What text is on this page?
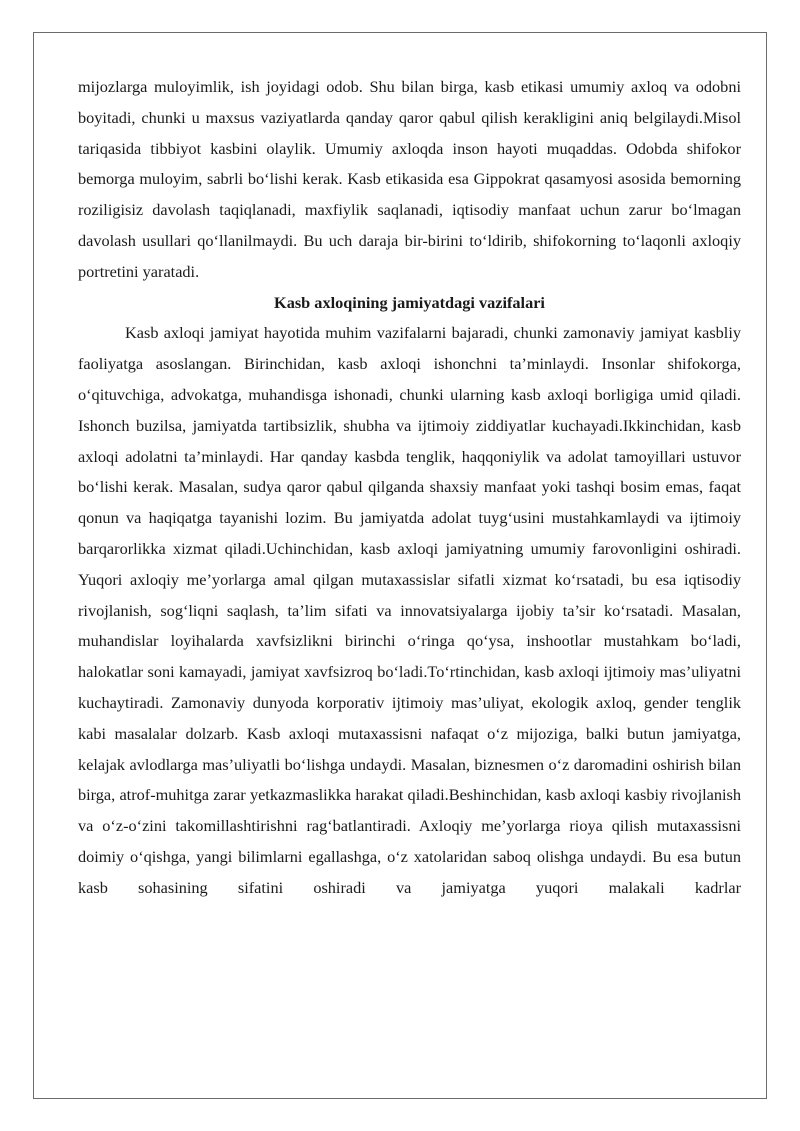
mijozlarga muloyimlik, ish joyidagi odob. Shu bilan birga, kasb etikasi umumiy axloq va odobni boyitadi, chunki u maxsus vaziyatlarda qanday qaror qabul qilish kerakligini aniq belgilaydi.Misol tariqasida tibbiyot kasbini olaylik. Umumiy axloqda inson hayoti muqaddas. Odobda shifokor bemorga muloyim, sabrli bo‘lishi kerak. Kasb etikasida esa Gippokrat qasamyosi asosida bemorning roziligisiz davolash taqiqlanadi, maxfiylik saqlanadi, iqtisodiy manfaat uchun zarur bo‘lmagan davolash usullari qo‘llanilmaydi. Bu uch daraja bir-birini to‘ldirib, shifokorning to‘laqonli axloqiy portretini yaratadi.

Kasb axloqining jamiyatdagi vazifalari

Kasb axloqi jamiyat hayotida muhim vazifalarni bajaradi, chunki zamonaviy jamiyat kasbliy faoliyatga asoslangan. Birinchidan, kasb axloqi ishonchni ta’minlaydi. Insonlar shifokorga, o‘qituvchiga, advokatga, muhandisga ishonadi, chunki ularning kasb axloqi borligiga umid qiladi. Ishonch buzilsa, jamiyatda tartibsizlik, shubha va ijtimoiy ziddiyatlar kuchayadi.Ikkinchidan, kasb axloqi adolatni ta’minlaydi. Har qanday kasbda tenglik, haqqoniylik va adolat tamoyillari ustuvor bo‘lishi kerak. Masalan, sudya qaror qabul qilganda shaxsiy manfaat yoki tashqi bosim emas, faqat qonun va haqiqatga tayanishi lozim. Bu jamiyatda adolat tuyg‘usini mustahkamlaydi va ijtimoiy barqarorlikka xizmat qiladi.Uchinchidan, kasb axloqi jamiyatning umumiy farovonligini oshiradi. Yuqori axloqiy me’yorlarga amal qilgan mutaxassislar sifatli xizmat ko‘rsatadi, bu esa iqtisodiy rivojlanish, sog‘liqni saqlash, ta’lim sifati va innovatsiyalarga ijobiy ta’sir ko‘rsatadi. Masalan, muhandislar loyihalarda xavfsizlikni birinchi o‘ringa qo‘ysa, inshootlar mustahkam bo‘ladi, halokatlar soni kamayadi, jamiyat xavfsizroq bo‘ladi.To‘rtinchidan, kasb axloqi ijtimoiy mas’uliyatni kuchaytiradi. Zamonaviy dunyoda korporativ ijtimoiy mas’uliyat, ekologik axloq, gender tenglik kabi masalalar dolzarb. Kasb axloqi mutaxassisni nafaqat o‘z mijoziga, balki butun jamiyatga, kelajak avlodlarga mas’uliyatli bo‘lishga undaydi. Masalan, biznesmen o‘z daromadini oshirish bilan birga, atrof-muhitga zarar yetkazmaslikka harakat qiladi.Beshinchidan, kasb axloqi kasbiy rivojlanish va o‘z-o‘zini takomillashtirishni rag‘batlantiradi. Axloqiy me’yorlarga rioya qilish mutaxassisni doimiy o‘qishga, yangi bilimlarni egallashga, o‘z xatolaridan saboq olishga undaydi. Bu esa butun kasb sohasining sifatini oshiradi va jamiyatga yuqori malakali kadrlar
